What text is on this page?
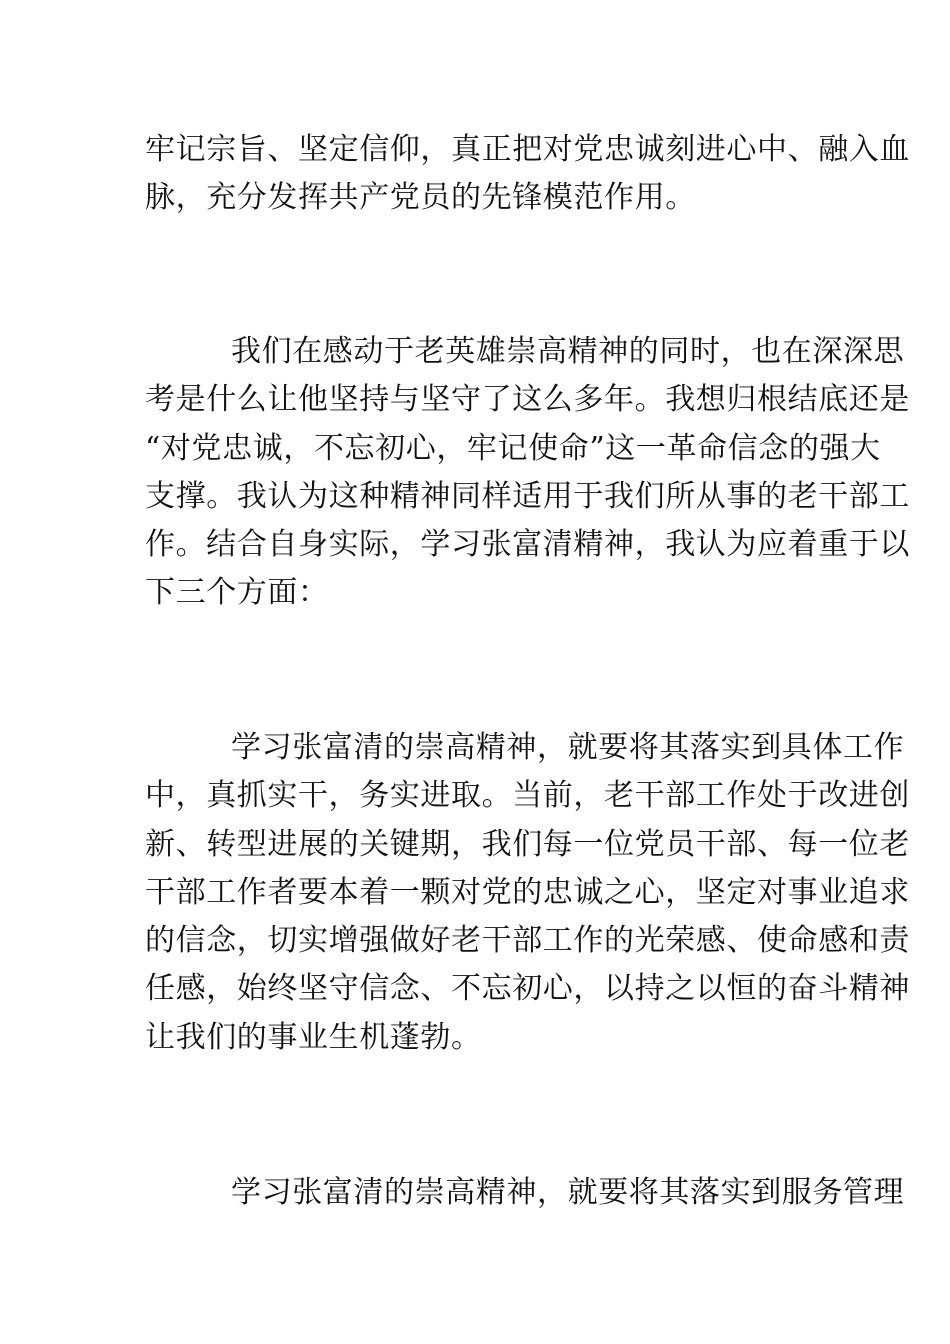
牢记宗旨、坚定信仰，真正把对党忠诚刻进心中、融入血
脉，充分发挥共产党员的先锋模范作用。

我们在感动于老英雄崇高精神的同时，也在深深思
考是什么让他坚持与坚守了这么多年。我想归根结底还是
“对党忠诚，不忘初心，牢记使命”这一革命信念的强大
支撑。我认为这种精神同样适用于我们所从事的老干部工
作。结合自身实际，学习张富清精神，我认为应着重于以
下三个方面：

学习张富清的崇高精神，就要将其落实到具体工作
中，真抓实干，务实进取。当前，老干部工作处于改进创
新、转型进展的关键期，我们每一位党员干部、每一位老
干部工作者要本着一颗对党的忠诚之心，坚定对事业追求
的信念，切实增强做好老干部工作的光荣感、使命感和责
任感，始终坚守信念、不忘初心，以持之以恒的奋斗精神
让我们的事业生机蓬勃。

学习张富清的崇高精神，就要将其落实到服务管理
